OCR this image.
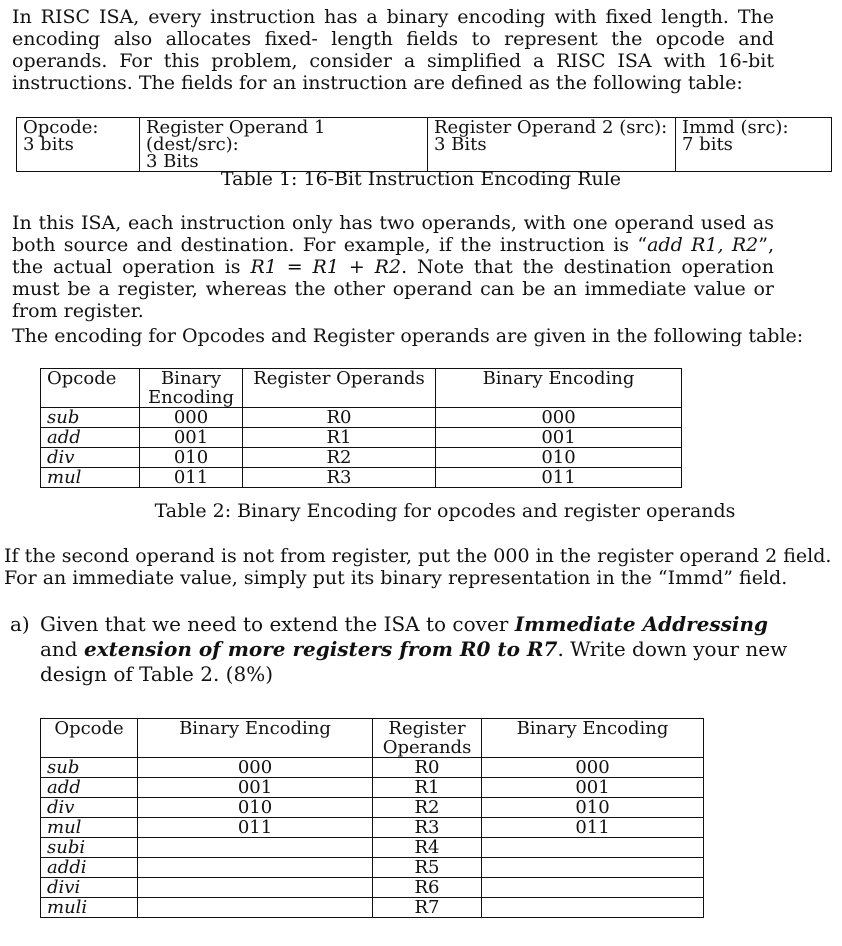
In RISC ISA, every instruction has a binary encoding with fixed length. The encoding also allocates fixed- length fields to represent the opcode and operands. For this problem, consider a simplified a RISC ISA with 16-bit instructions. The fields for an instruction are defined as the following table:

Opcode:
3 bits

Register Operand 1 (dest/src):
3 Bits

Register Operand 2 (src):
3 Bits

Immd (src):
7 bits
Table 1: 16-Bit Instruction Encoding Rule

In this ISA, each instruction only has two operands, with one operand used as both source and destination. For example, if the instruction is “add R1, R2”, the actual operation is R1 = R1 + R2. Note that the destination operation must be a register, whereas the other operand can be an immediate value or from register.

The encoding for Opcodes and Register operands are given in the following table:
Opcode	Binary Encoding	Register Operands	Binary Encoding
sub	000	R0	000
add	001	R1	001
div	010	R2	010
mul	011	R3	011
Table 2: Binary Encoding for opcodes and register operands

If the second operand is not from register, put the 000 in the register operand 2 field.

For an immediate value, simply put its binary representation in the “Immd” field.

a) Given that we need to extend the ISA to cover Immediate Addressing and extension of more registers from R0 to R7. Write down your new design of Table 2. (8%)

Opcode	Binary Encoding	Register Operands	Binary Encoding
sub	000	R0	000
add	001	R1	001
div	010	R2	010
mul	011	R3	011
subi		R4	
addi		R5	
divi		R6	
muli		R7	
